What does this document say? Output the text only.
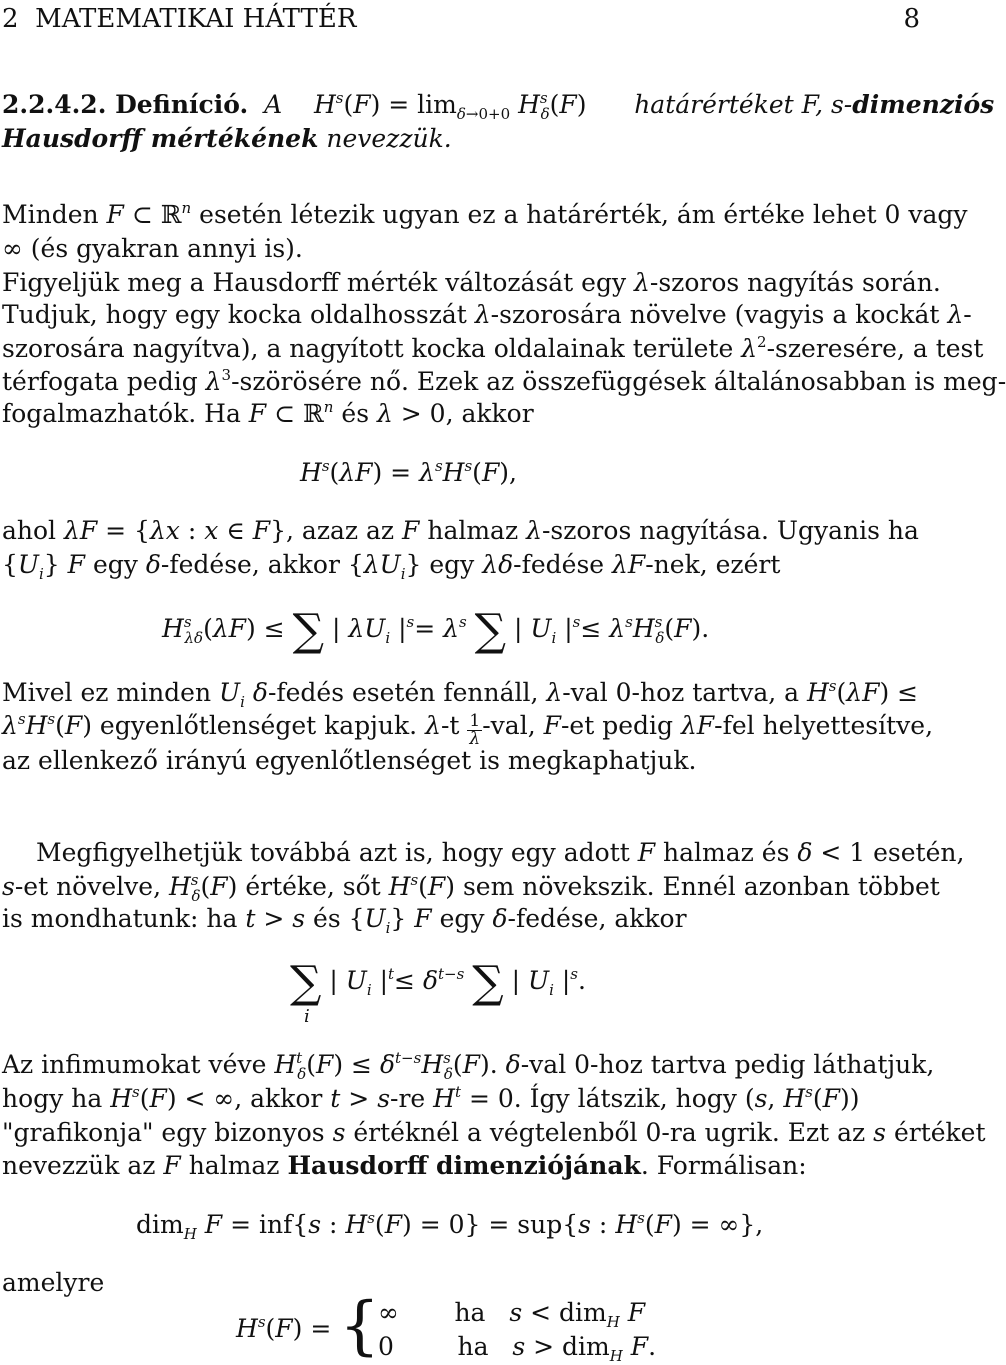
2  MATEMATIKAI HÁTTÉR	8
2.2.4.2. Definíció.  A    $H^s(F) = \lim_{\delta\to 0+0} H^s_\delta(F)$      határértéket F, s-dimenziós
Hausdorff mértékének nevezzük.
Minden F ⊂ ℝ$^n$ esetén létezik ugyan ez a határérték, ám értéke lehet 0 vagy
∞ (és gyakran annyi is).
Figyeljük meg a Hausdorff mérték változását egy λ-szoros nagyítás során.
Tudjuk, hogy egy kocka oldalhosszát λ-szorosára növelve (vagyis a kockát λ-
szorosára nagyítva), a nagyított kocka oldalainak területe $\lambda^2$-szeresére, a test
térfogata pedig $\lambda^3$-szörösére nő. Ezek az összefüggések általánosabban is meg-
fogalmazhatók. Ha F ⊂ ℝ$^n$ és λ > 0, akkor
$H^s(\lambda F) = \lambda^sH^s(F)$,
ahol λF = {λx : x ∈ F}, azaz az F halmaz λ-szoros nagyítása. Ugyanis ha
$\{U_i\}$ F egy δ-fedése, akkor $\{\lambda U_i\}$ egy λδ-fedése λF-nek, ezért
$H^s_{\lambda\delta}(\lambda F)$ ≤ ∑ | $\lambda U_i$ $|^s= \lambda^s$ ∑ | $U_i$ $|^s\le \lambda^sH^s_\delta(F)$.
Mivel ez minden $U_i$ δ-fedés esetén fennáll, λ-val 0-hoz tartva, a $H^s(\lambda F)$ ≤
$\lambda^sH^s(F)$ egyenlőtlenséget kapjuk. $\lambda-t \frac{1}{\lambda} -val$, F-et pedig λF-fel helyettesítve,
az ellenkező irányú egyenlőtlenséget is megkaphatjuk.
Megfigyelhetjük továbbá azt is, hogy egy adott F halmaz és δ < 1 esetén,
s-et növelve, $H^s_\delta(F)$ értéke, sőt $H^s(F)$ sem növekszik. Ennél azonban többet
is mondhatunk: ha t > s és $\{U_i\}$ F egy δ-fedése, akkor
∑ | $U_i$ $|^t\le \delta^{t-s}$ ∑ | $U_i$ $|^s$.
i
Az infimumokat véve $H^t_\delta(F) \le \delta^{t-s}H^s_\delta(F)$. δ-val 0-hoz tartva pedig láthatjuk,
hogy ha $H^s(F)$ < ∞, akkor t > s-re $H^t = 0$. Így látszik, hogy (s, $H^s(F)$)
"grafikonja" egy bizonyos s értéknél a végtelenből 0-ra ugrik. Ezt az s értéket
nevezzük az F halmaz Hausdorff dimenziójának. Formálisan:
dim$_H$ F = inf{s : $H^s(F) = 0\} = sup\{s$ : $H^s(F)$ = ∞},
amelyre
$H^s(F)$ = {
∞       ha   s < dim$_H$ F
0        ha   s > dim$_H$ F.
